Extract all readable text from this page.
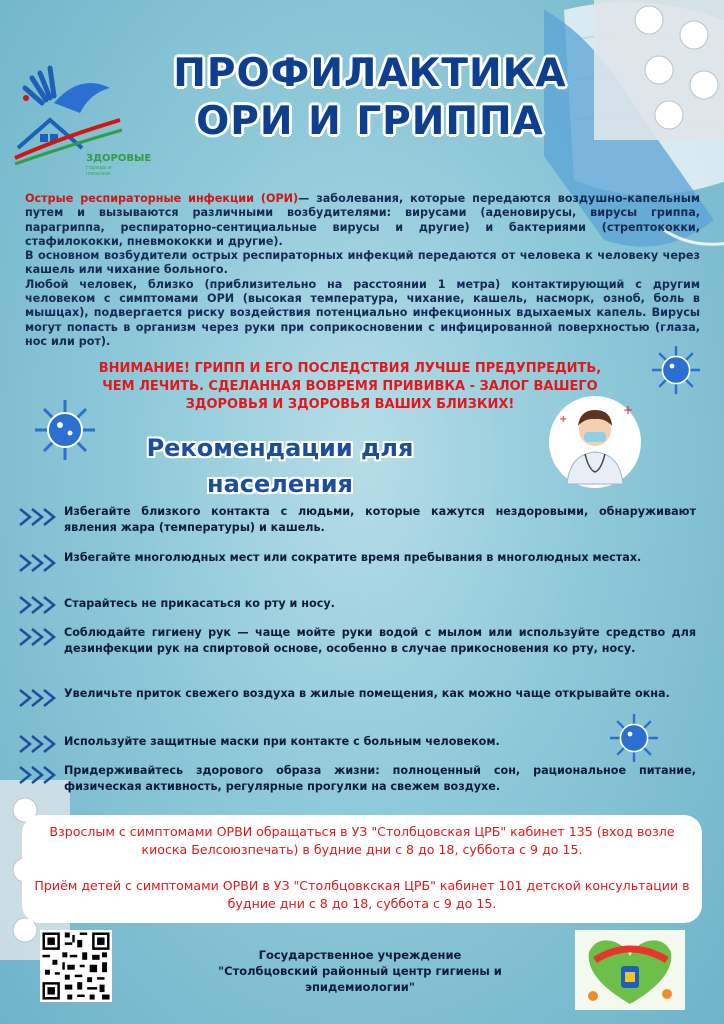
ЗДОРОВЫЕ
города и поселки
ПРОФИЛАКТИКА
ОРИ И ГРИППА

Острые респираторные инфекции (ОРИ)— заболевания, которые передаются воздушно-капельным путем и вызываются различными возбудителями: вирусами (аденовирусы, вирусы гриппа, парагриппа, респираторно-сентициальные вирусы и другие) и бактериями (стрептококки, стафилококки, пневмококки и другие).

В основном возбудители острых респираторных инфекций передаются от человека к человеку через кашель или чихание больного.

Любой человек, близко (приблизительно на расстоянии 1 метра) контактирующий с другим человеком с симптомами ОРИ (высокая температура, чихание, кашель, насморк, озноб, боль в мышцах), подвергается риску воздействия потенциально инфекционных вдыхаемых капель. Вирусы могут попасть в организм через руки при соприкосновении с инфицированной поверхностью (глаза, нос или рот).

ВНИМАНИЕ! ГРИПП И ЕГО ПОСЛЕДСТВИЯ ЛУЧШЕ ПРЕДУПРЕДИТЬ,
ЧЕМ ЛЕЧИТЬ. СДЕЛАННАЯ ВОВРЕМЯ ПРИВИВКА - ЗАЛОГ ВАШЕГО
ЗДОРОВЬЯ И ЗДОРОВЬЯ ВАШИХ БЛИЗКИХ!	+
+
Рекомендации для
населения
Избегайте близкого контакта с людьми, которые кажутся нездоровыми, обнаруживают явления жара (температуры) и кашель.
Избегайте многолюдных мест или сократите время пребывания в многолюдных местах.
Старайтесь не прикасаться ко рту и носу.
Соблюдайте гигиену рук — чаще мойте руки водой с мылом или используйте средство для дезинфекции рук на спиртовой основе, особенно в случае прикосновения ко рту, носу.
Увеличьте приток свежего воздуха в жилые помещения, как можно чаще открывайте окна.
Используйте защитные маски при контакте с больным человеком.
Придерживайтесь здорового образа жизни: полноценный сон, рациональное питание, физическая активность, регулярные прогулки на свежем воздухе.

Взрослым с симптомами ОРВИ обращаться в УЗ "Столбцовская ЦРБ" кабинет 135 (вход возле киоска Белсоюзпечать) в будние дни с 8 до 18, суббота с 9 до 15.

Приём детей с симптомами ОРВИ в УЗ "Столбцовкская ЦРБ" кабинет 101 детской консультации в будние дни с 8 до 18, суббота с 9 до 15.

Государственное учреждение
"Столбцовский районный центр гигиены и
эпидемиологии"
